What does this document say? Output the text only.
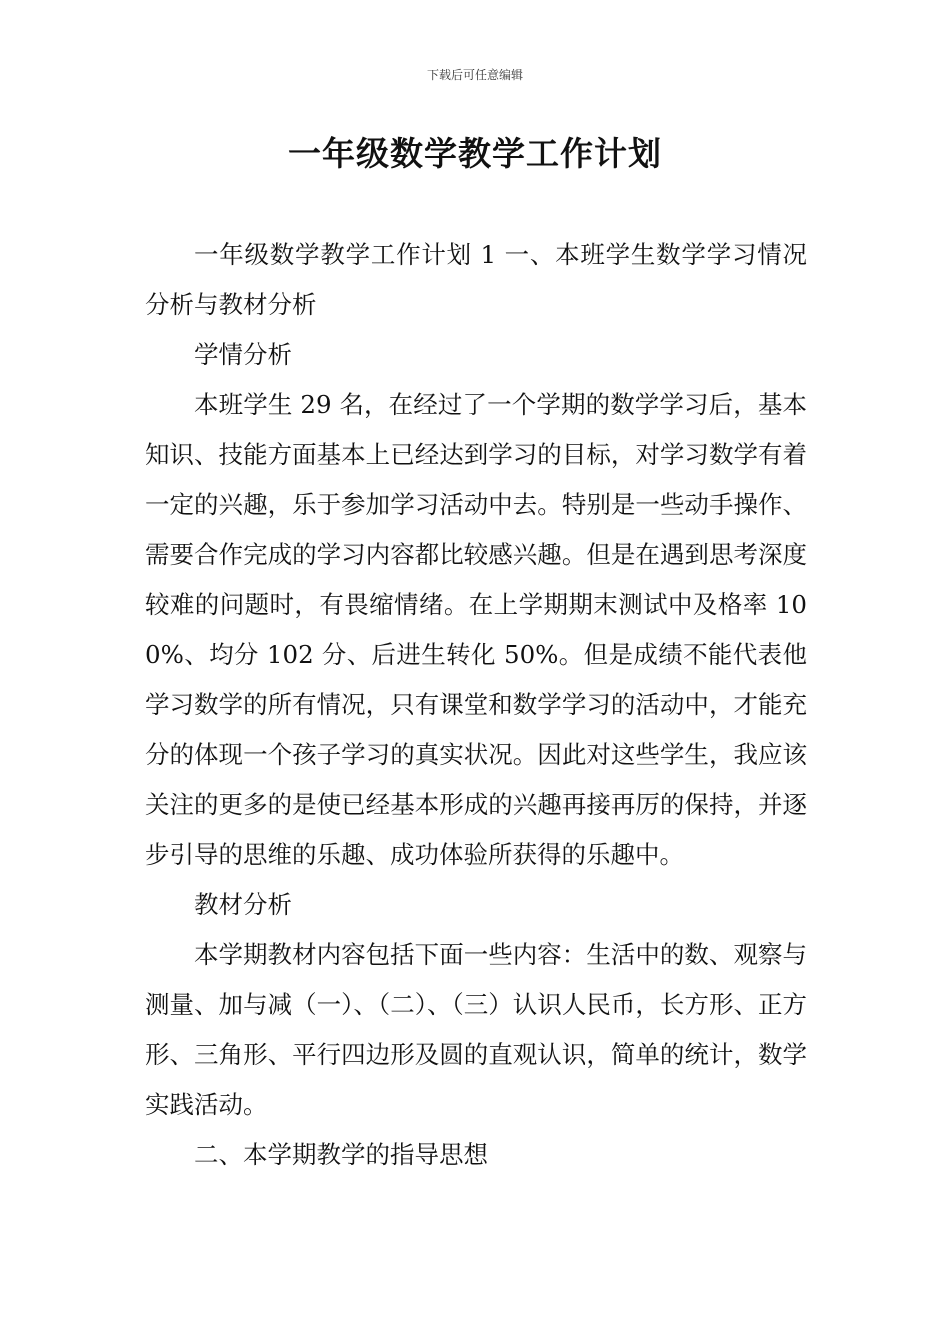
下载后可任意编辑
一年级数学教学工作计划

一年级数学教学工作计划 1 一、本班学生数学学习情况分析与教材分析

学情分析

本班学生 29 名，在经过了一个学期的数学学习后，基本知识、技能方面基本上已经达到学习的目标，对学习数学有着一定的兴趣，乐于参加学习活动中去。特别是一些动手操作、需要合作完成的学习内容都比较感兴趣。但是在遇到思考深度较难的问题时，有畏缩情绪。在上学期期末测试中及格率 100%、均分 102 分、后进生转化 50%。但是成绩不能代表他学习数学的所有情况，只有课堂和数学学习的活动中，才能充分的体现一个孩子学习的真实状况。因此对这些学生，我应该关注的更多的是使已经基本形成的兴趣再接再厉的保持，并逐步引导的思维的乐趣、成功体验所获得的乐趣中。

教材分析

本学期教材内容包括下面一些内容：生活中的数、观察与测量、加与减（一）、（二）、（三）认识人民币，长方形、正方形、三角形、平行四边形及圆的直观认识，简单的统计，数学实践活动。

二、本学期教学的指导思想
